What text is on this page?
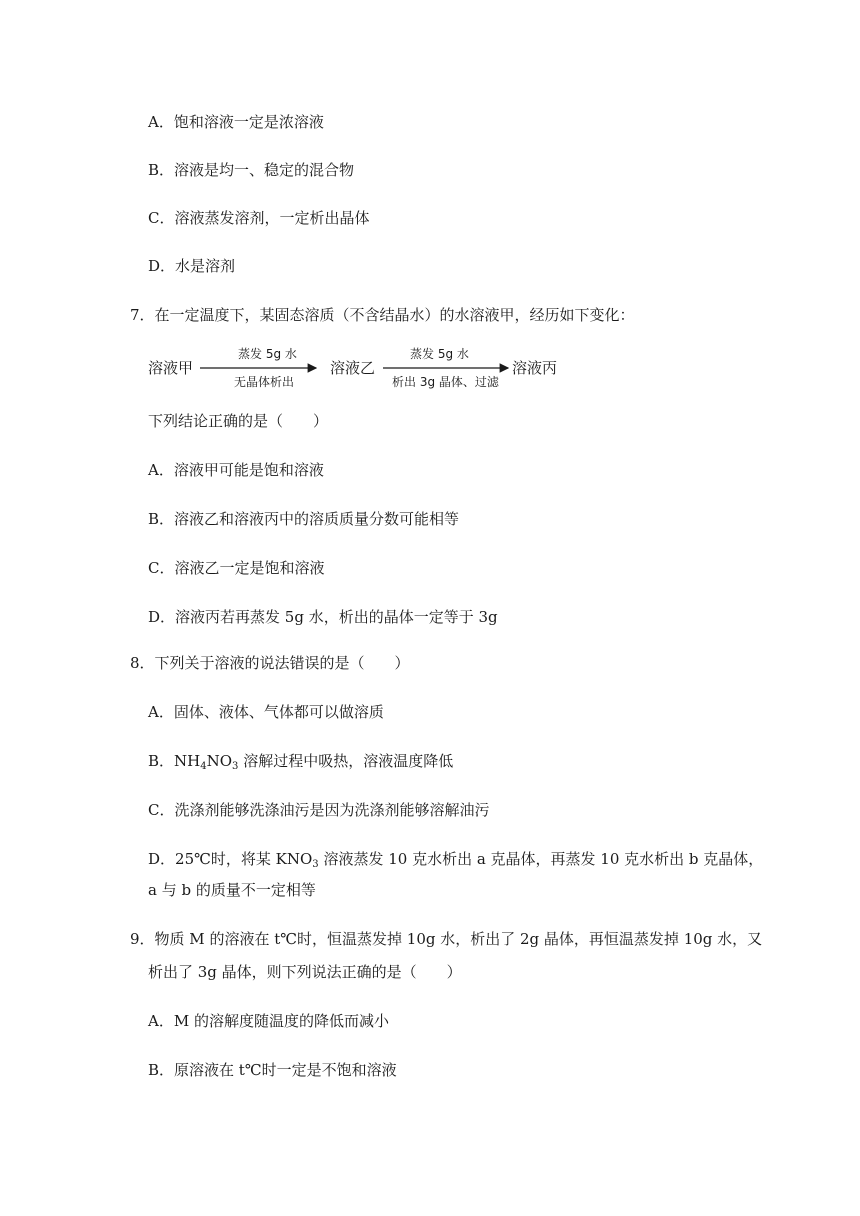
A．饱和溶液一定是浓溶液
B．溶液是均一、稳定的混合物
C．溶液蒸发溶剂，一定析出晶体
D．水是溶剂
7．在一定温度下，某固态溶质（不含结晶水）的水溶液甲，经历如下变化：
溶液甲
蒸发 5g 水
无晶体析出
溶液乙
蒸发 5g 水
析出 3g 晶体、过滤
溶液丙
下列结论正确的是（　　）
A．溶液甲可能是饱和溶液
B．溶液乙和溶液丙中的溶质质量分数可能相等
C．溶液乙一定是饱和溶液
D．溶液丙若再蒸发 5g 水，析出的晶体一定等于 3g
8．下列关于溶液的说法错误的是（　　）
A．固体、液体、气体都可以做溶质
B．$NH_4NO_3$ 溶解过程中吸热，溶液温度降低
C．洗涤剂能够洗涤油污是因为洗涤剂能够溶解油污
D．25℃时，将某 $KNO_3$ 溶液蒸发 10 克水析出 a 克晶体，再蒸发 10 克水析出 b 克晶体，
a 与 b 的质量不一定相等
9．物质 M 的溶液在 t℃时，恒温蒸发掉 10g 水，析出了 2g 晶体，再恒温蒸发掉 10g 水，又
析出了 3g 晶体，则下列说法正确的是（　　）
A．M 的溶解度随温度的降低而减小
B．原溶液在 t℃时一定是不饱和溶液
